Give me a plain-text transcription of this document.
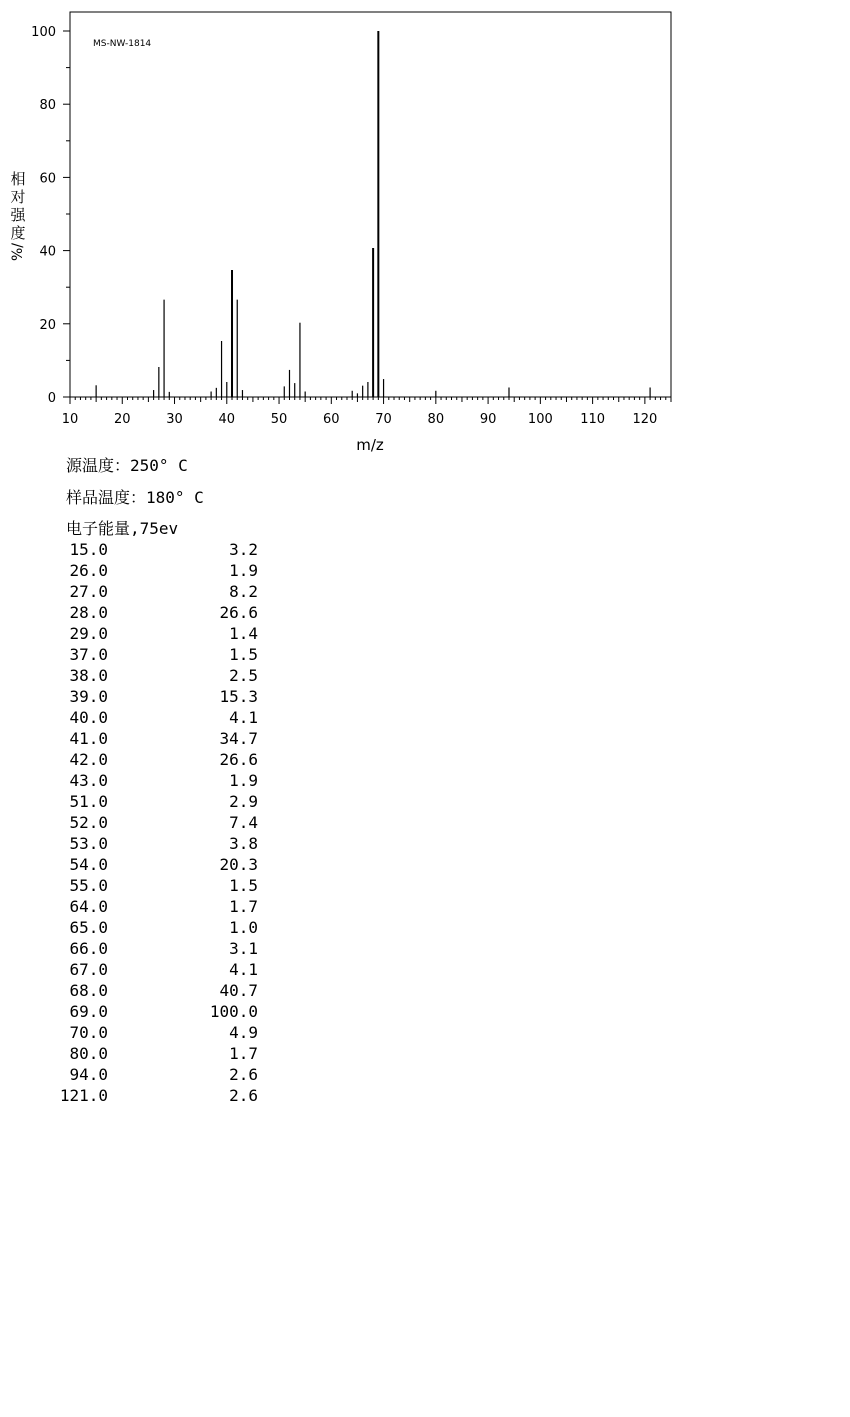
MS-NW-1814
相
对
强
度
%/
m/z
0
20
40
60
80
100
10	20	30	40	50	60	70	80	90 100 110 120
源温度：250° C
样品温度：180° C
电子能量,75ev
15.0	3.2
26.0	1.9
27.0	8.2
28.0	26.6
29.0	1.4
37.0	1.5
38.0	2.5
39.0	15.3
40.0	4.1
41.0	34.7
42.0	26.6
43.0	1.9
51.0	2.9
52.0	7.4
53.0	3.8
54.0	20.3
55.0	1.5
64.0	1.7
65.0	1.0
66.0	3.1
67.0	4.1
68.0	40.7
69.0	100.0
70.0	4.9
80.0	1.7
94.0	2.6
121.0	2.6
